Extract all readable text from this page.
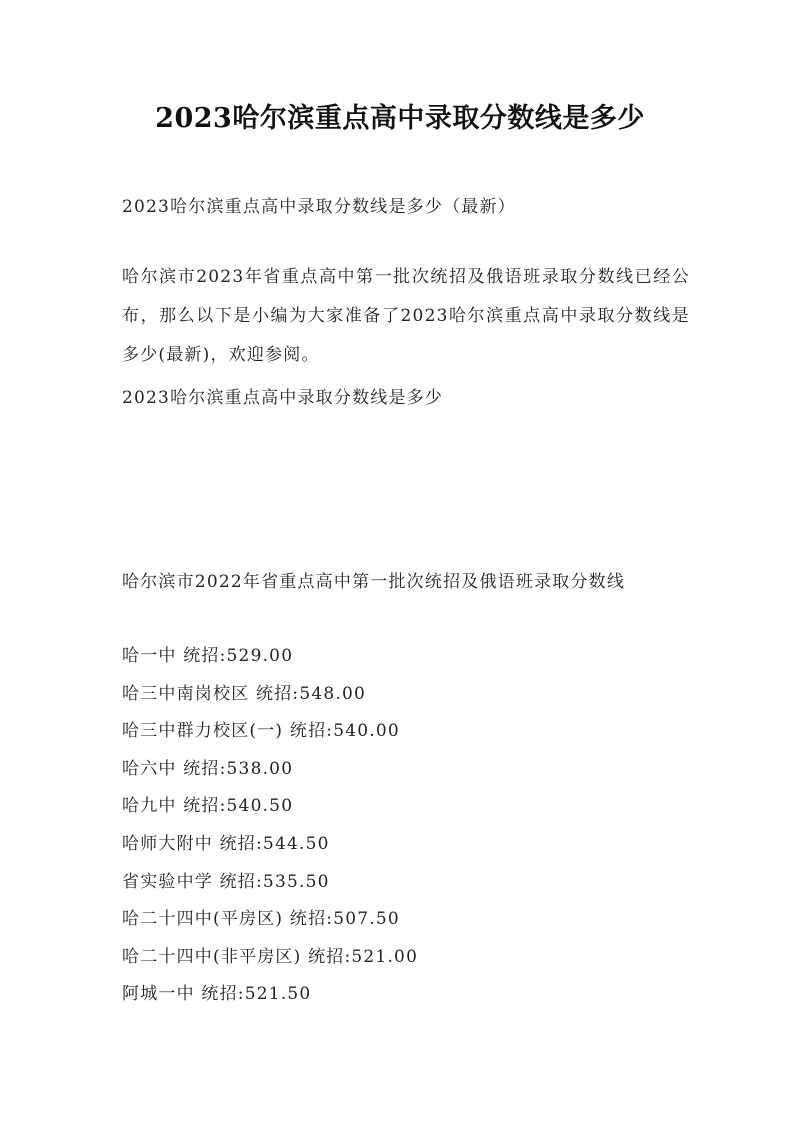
2023哈尔滨重点高中录取分数线是多少
2023哈尔滨重点高中录取分数线是多少（最新）
哈尔滨市2023年省重点高中第一批次统招及俄语班录取分数线已经公布，那么以下是小编为大家准备了2023哈尔滨重点高中录取分数线是多少(最新)，欢迎参阅。
2023哈尔滨重点高中录取分数线是多少
哈尔滨市2022年省重点高中第一批次统招及俄语班录取分数线
哈一中 统招:529.00
哈三中南岗校区 统招:548.00
哈三中群力校区(一) 统招:540.00
哈六中 统招:538.00
哈九中 统招:540.50
哈师大附中 统招:544.50
省实验中学 统招:535.50
哈二十四中(平房区) 统招:507.50
哈二十四中(非平房区) 统招:521.00
阿城一中 统招:521.50
